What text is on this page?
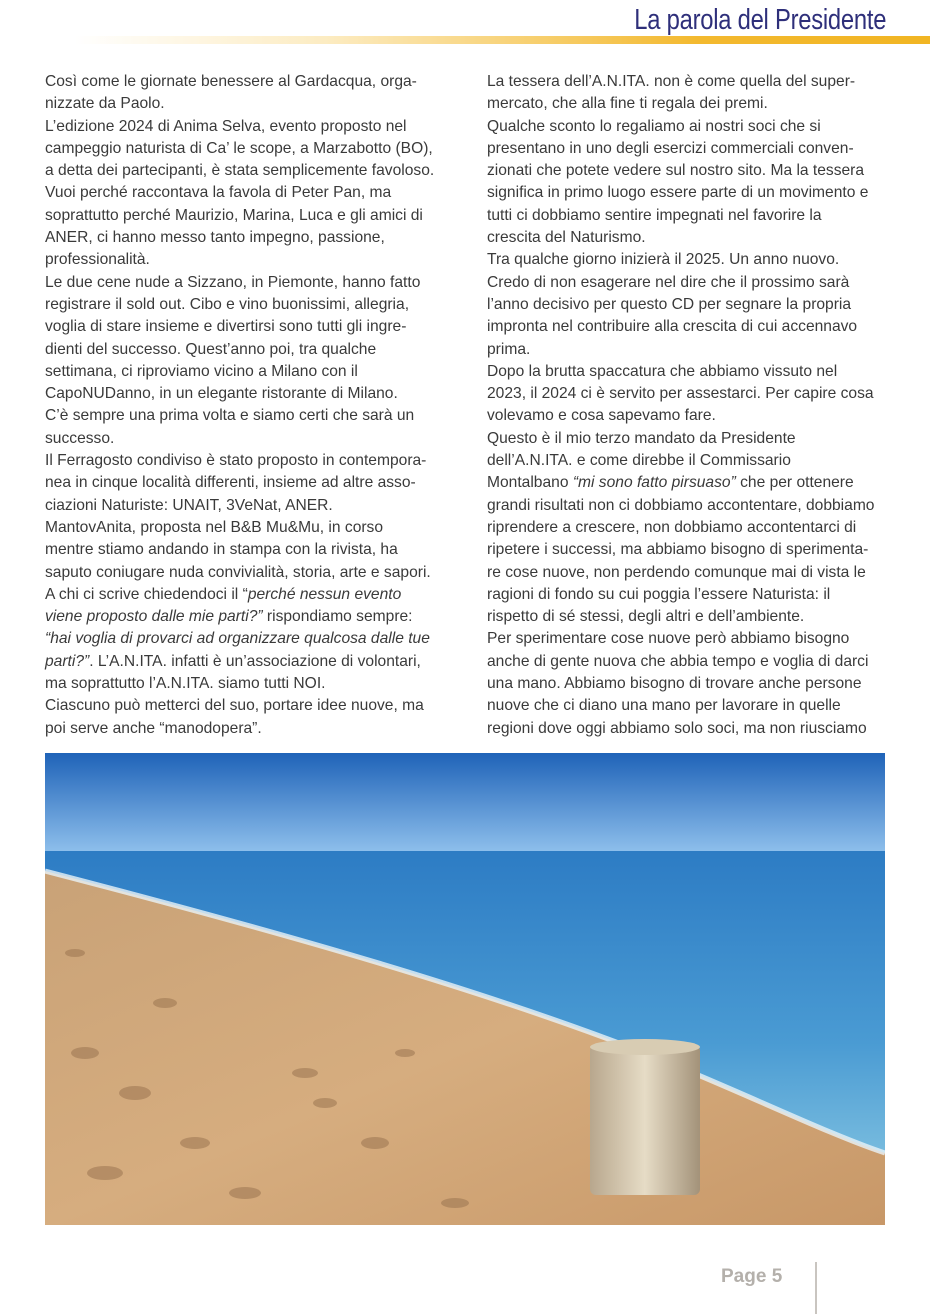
La parola del Presidente
Così come le giornate benessere al Gardacqua, orga-
nizzate da Paolo.
L’edizione 2024 di Anima Selva, evento proposto nel
campeggio naturista di Ca’ le scope, a Marzabotto (BO),
a detta dei partecipanti, è stata semplicemente favoloso.
Vuoi perché raccontava la favola di Peter Pan, ma
soprattutto perché Maurizio, Marina, Luca e gli amici di
ANER, ci hanno messo tanto impegno, passione,
professionalità.
Le due cene nude a Sizzano, in Piemonte, hanno fatto
registrare il sold out. Cibo e vino buonissimi, allegria,
voglia di stare insieme e divertirsi sono tutti gli ingre-
dienti del successo. Quest’anno poi, tra qualche
settimana, ci riproviamo vicino a Milano con il
CapoNUDanno, in un elegante ristorante di Milano.
C’è sempre una prima volta e siamo certi che sarà un
successo.
Il Ferragosto condiviso è stato proposto in contempora-
nea in cinque località differenti, insieme ad altre asso-
ciazioni Naturiste: UNAIT, 3VeNat, ANER.
MantovAnita, proposta nel B&B Mu&Mu, in corso
mentre stiamo andando in stampa con la rivista, ha
saputo coniugare nuda convivialità, storia, arte e sapori.
A chi ci scrive chiedendoci il “perché nessun evento
viene proposto dalle mie parti?” rispondiamo sempre:
“hai voglia di provarci ad organizzare qualcosa dalle tue
parti?”. L’A.N.ITA. infatti è un’associazione di volontari,
ma soprattutto l’A.N.ITA. siamo tutti NOI.
Ciascuno può metterci del suo, portare idee nuove, ma
poi serve anche “manodopera”.
La tessera dell’A.N.ITA. non è come quella del super-
mercato, che alla fine ti regala dei premi.
Qualche sconto lo regaliamo ai nostri soci che si
presentano in uno degli esercizi commerciali conven-
zionati che potete vedere sul nostro sito. Ma la tessera
significa in primo luogo essere parte di un movimento e
tutti ci dobbiamo sentire impegnati nel favorire la
crescita del Naturismo.
Tra qualche giorno inizierà il 2025. Un anno nuovo.
Credo di non esagerare nel dire che il prossimo sarà
l’anno decisivo per questo CD per segnare la propria
impronta nel contribuire alla crescita di cui accennavo
prima.
Dopo la brutta spaccatura che abbiamo vissuto nel
2023, il 2024 ci è servito per assestarci. Per capire cosa
volevamo e cosa sapevamo fare.
Questo è il mio terzo mandato da Presidente
dell’A.N.ITA. e come direbbe il Commissario
Montalbano “mi sono fatto pirsuaso” che per ottenere
grandi risultati non ci dobbiamo accontentare, dobbiamo
riprendere a crescere, non dobbiamo accontentarci di
ripetere i successi, ma abbiamo bisogno di sperimenta-
re cose nuove, non perdendo comunque mai di vista le
ragioni di fondo su cui poggia l’essere Naturista: il
rispetto di sé stessi, degli altri e dell’ambiente.
Per sperimentare cose nuove però abbiamo bisogno
anche di gente nuova che abbia tempo e voglia di darci
una mano. Abbiamo bisogno di trovare anche persone
nuove che ci diano una mano per lavorare in quelle
regioni dove oggi abbiamo solo soci, ma non riusciamo
Page 5
